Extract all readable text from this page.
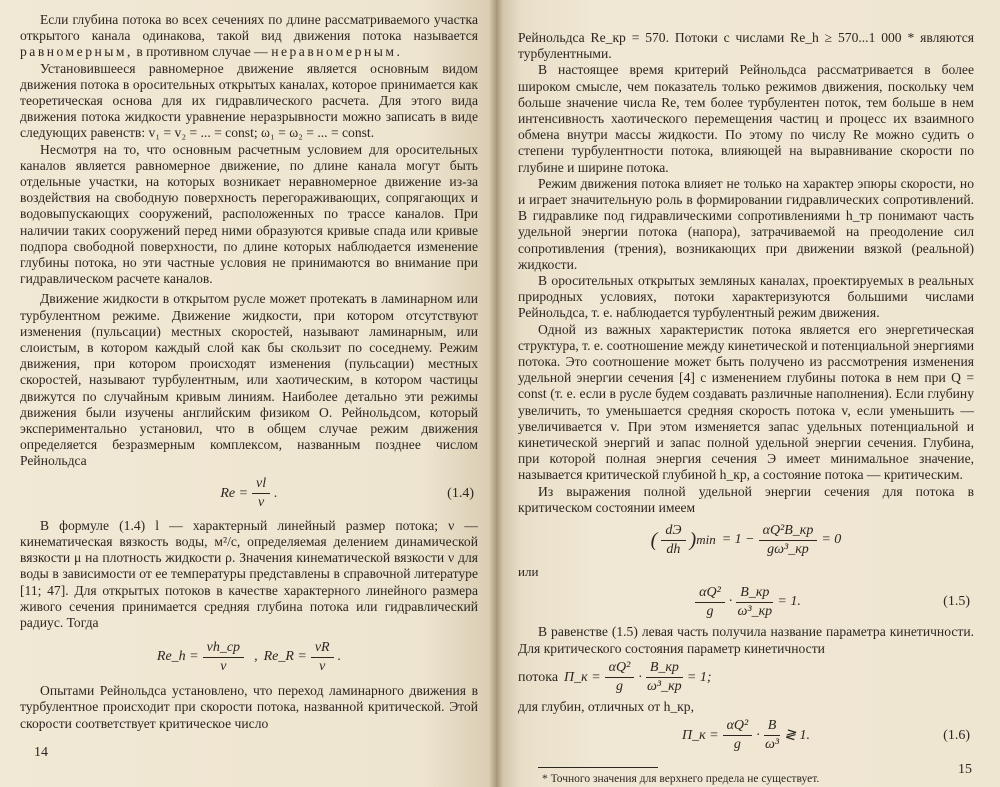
Если глубина потока во всех сечениях по длине рассматриваемого участка открытого канала одинакова, такой вид движения потока называется равномерным, в противном случае — неравномерным.

Установившееся равномерное движение является основным видом движения потока в оросительных открытых каналах, которое принимается как теоретическая основа для их гидравлического расчета. Для этого вида движения потока жидкости уравнение неразрывности можно записать в виде следующих равенств: v₁ = v₂ = ... = const; ω₁ = ω₂ = ... = const.

Несмотря на то, что основным расчетным условием для оросительных каналов является равномерное движение, по длине канала могут быть отдельные участки, на которых возникает неравномерное движение из-за воздействия на свободную поверхность перегораживающих, сопрягающих и водовыпускающих сооружений, расположенных по трассе каналов. При наличии таких сооружений перед ними образуются кривые спада или кривые подпора свободной поверхности, по длине которых наблюдается изменение глубины потока, но эти частные условия не принимаются во внимание при гидравлическом расчете каналов.

Движение жидкости в открытом русле может протекать в ламинарном или турбулентном режиме. Движение жидкости, при котором отсутствуют изменения (пульсации) местных скоростей, называют ламинарным, или слоистым, в котором каждый слой как бы скользит по соседнему. Режим движения, при котором происходят изменения (пульсации) местных скоростей, называют турбулентным, или хаотическим, в котором частицы движутся по случайным кривым линиям. Наиболее детально эти режимы движения были изучены английским физиком О. Рейнольдсом, который экспериментально установил, что в общем случае режим движения определяется безразмерным комплексом, названным позднее числом Рейнольдса

$Re = \frac{vl}{\nu}$ .	(1.4)

В формуле (1.4) l — характерный линейный размер потока; ν — кинематическая вязкость воды, м²/с, определяемая делением динамической вязкости μ на плотность жидкости ρ. Значения кинематической вязкости ν для воды в зависимости от ее температуры представлены в справочной литературе [11; 47]. Для открытых потоков в качестве характерного линейного размера живого сечения принимается средняя глубина потока или гидравлический радиус. Тогда

Re_h = $\frac{vh\_ср}{\nu}$ , Re_R = $\frac{vR}{\nu}$ .

Опытами Рейнольдса установлено, что переход ламинарного движения в турбулентное происходит при скорости потока, названной критической. Этой скорости соответствует критическое число

14

Рейнольдса Re_кр = 570. Потоки с числами Re_h ≥ 570...1 000 * являются турбулентными.

В настоящее время критерий Рейнольдса рассматривается в более широком смысле, чем показатель только режимов движения, поскольку чем больше значение числа Re, тем более турбулентен поток, тем больше в нем интенсивность хаотического перемещения частиц и процесс их взаимного обмена внутри массы жидкости. По этому по числу Re можно судить о степени турбулентности потока, влияющей на выравнивание скорости по глубине и ширине потока.

Режим движения потока влияет не только на характер эпюры скорости, но и играет значительную роль в формировании гидравлических сопротивлений. В гидравлике под гидравлическими сопротивлениями h_тр понимают часть удельной энергии потока (напора), затрачиваемой на преодоление сил сопротивления (трения), возникающих при движении вязкой (реальной) жидкости.

В оросительных открытых земляных каналах, проектируемых в реальных природных условиях, потоки характеризуются большими числами Рейнольдса, т. е. наблюдается турбулентный режим движения.

Одной из важных характеристик потока является его энергетическая структура, т. е. соотношение между кинетической и потенциальной энергиями потока. Это соотношение может быть получено из рассмотрения изменения удельной энергии сечения [4] с изменением глубины потока в нем при Q = const (т. е. если в русле будем создавать различные наполнения). Если глубину увеличить, то уменьшается средняя скорость потока v, если уменьшить — увеличивается v. При этом изменяется запас удельных потенциальной и кинетической энергий и запас полной удельной энергии сечения. Глубина, при которой полная энергия сечения Э имеет минимальное значение, называется критической глубиной h_кр, а состояние потока — критическим.

Из выражения полной удельной энергии сечения для потока в критическом состоянии имеем

( $\frac{dЭ}{dh}$ ) $\min = 1 - \frac{\text{αQ²B\_кр}}{\text{gω³\_кр}} = 0$

или

$\frac{\text{αQ²}}{g} \cdot \frac{B\_кр}{\text{ω³\_кр}} = 1$.	(1.5)

В равенстве (1.5) левая часть получила название параметра кинетичности. Для критического состояния параметр кинетичности

потока П_к = $\frac{\text{αQ²}}{g} \cdot \frac{B\_кр}{\text{ω³\_кр}} = 1$;

для глубин, отличных от h_кр,

П_к = $\frac{\text{αQ²}}{g} \cdot \frac{B}{\text{ω³}}$ ≷ 1.	(1.6)

* Точного значения для верхнего предела не существует.

15
